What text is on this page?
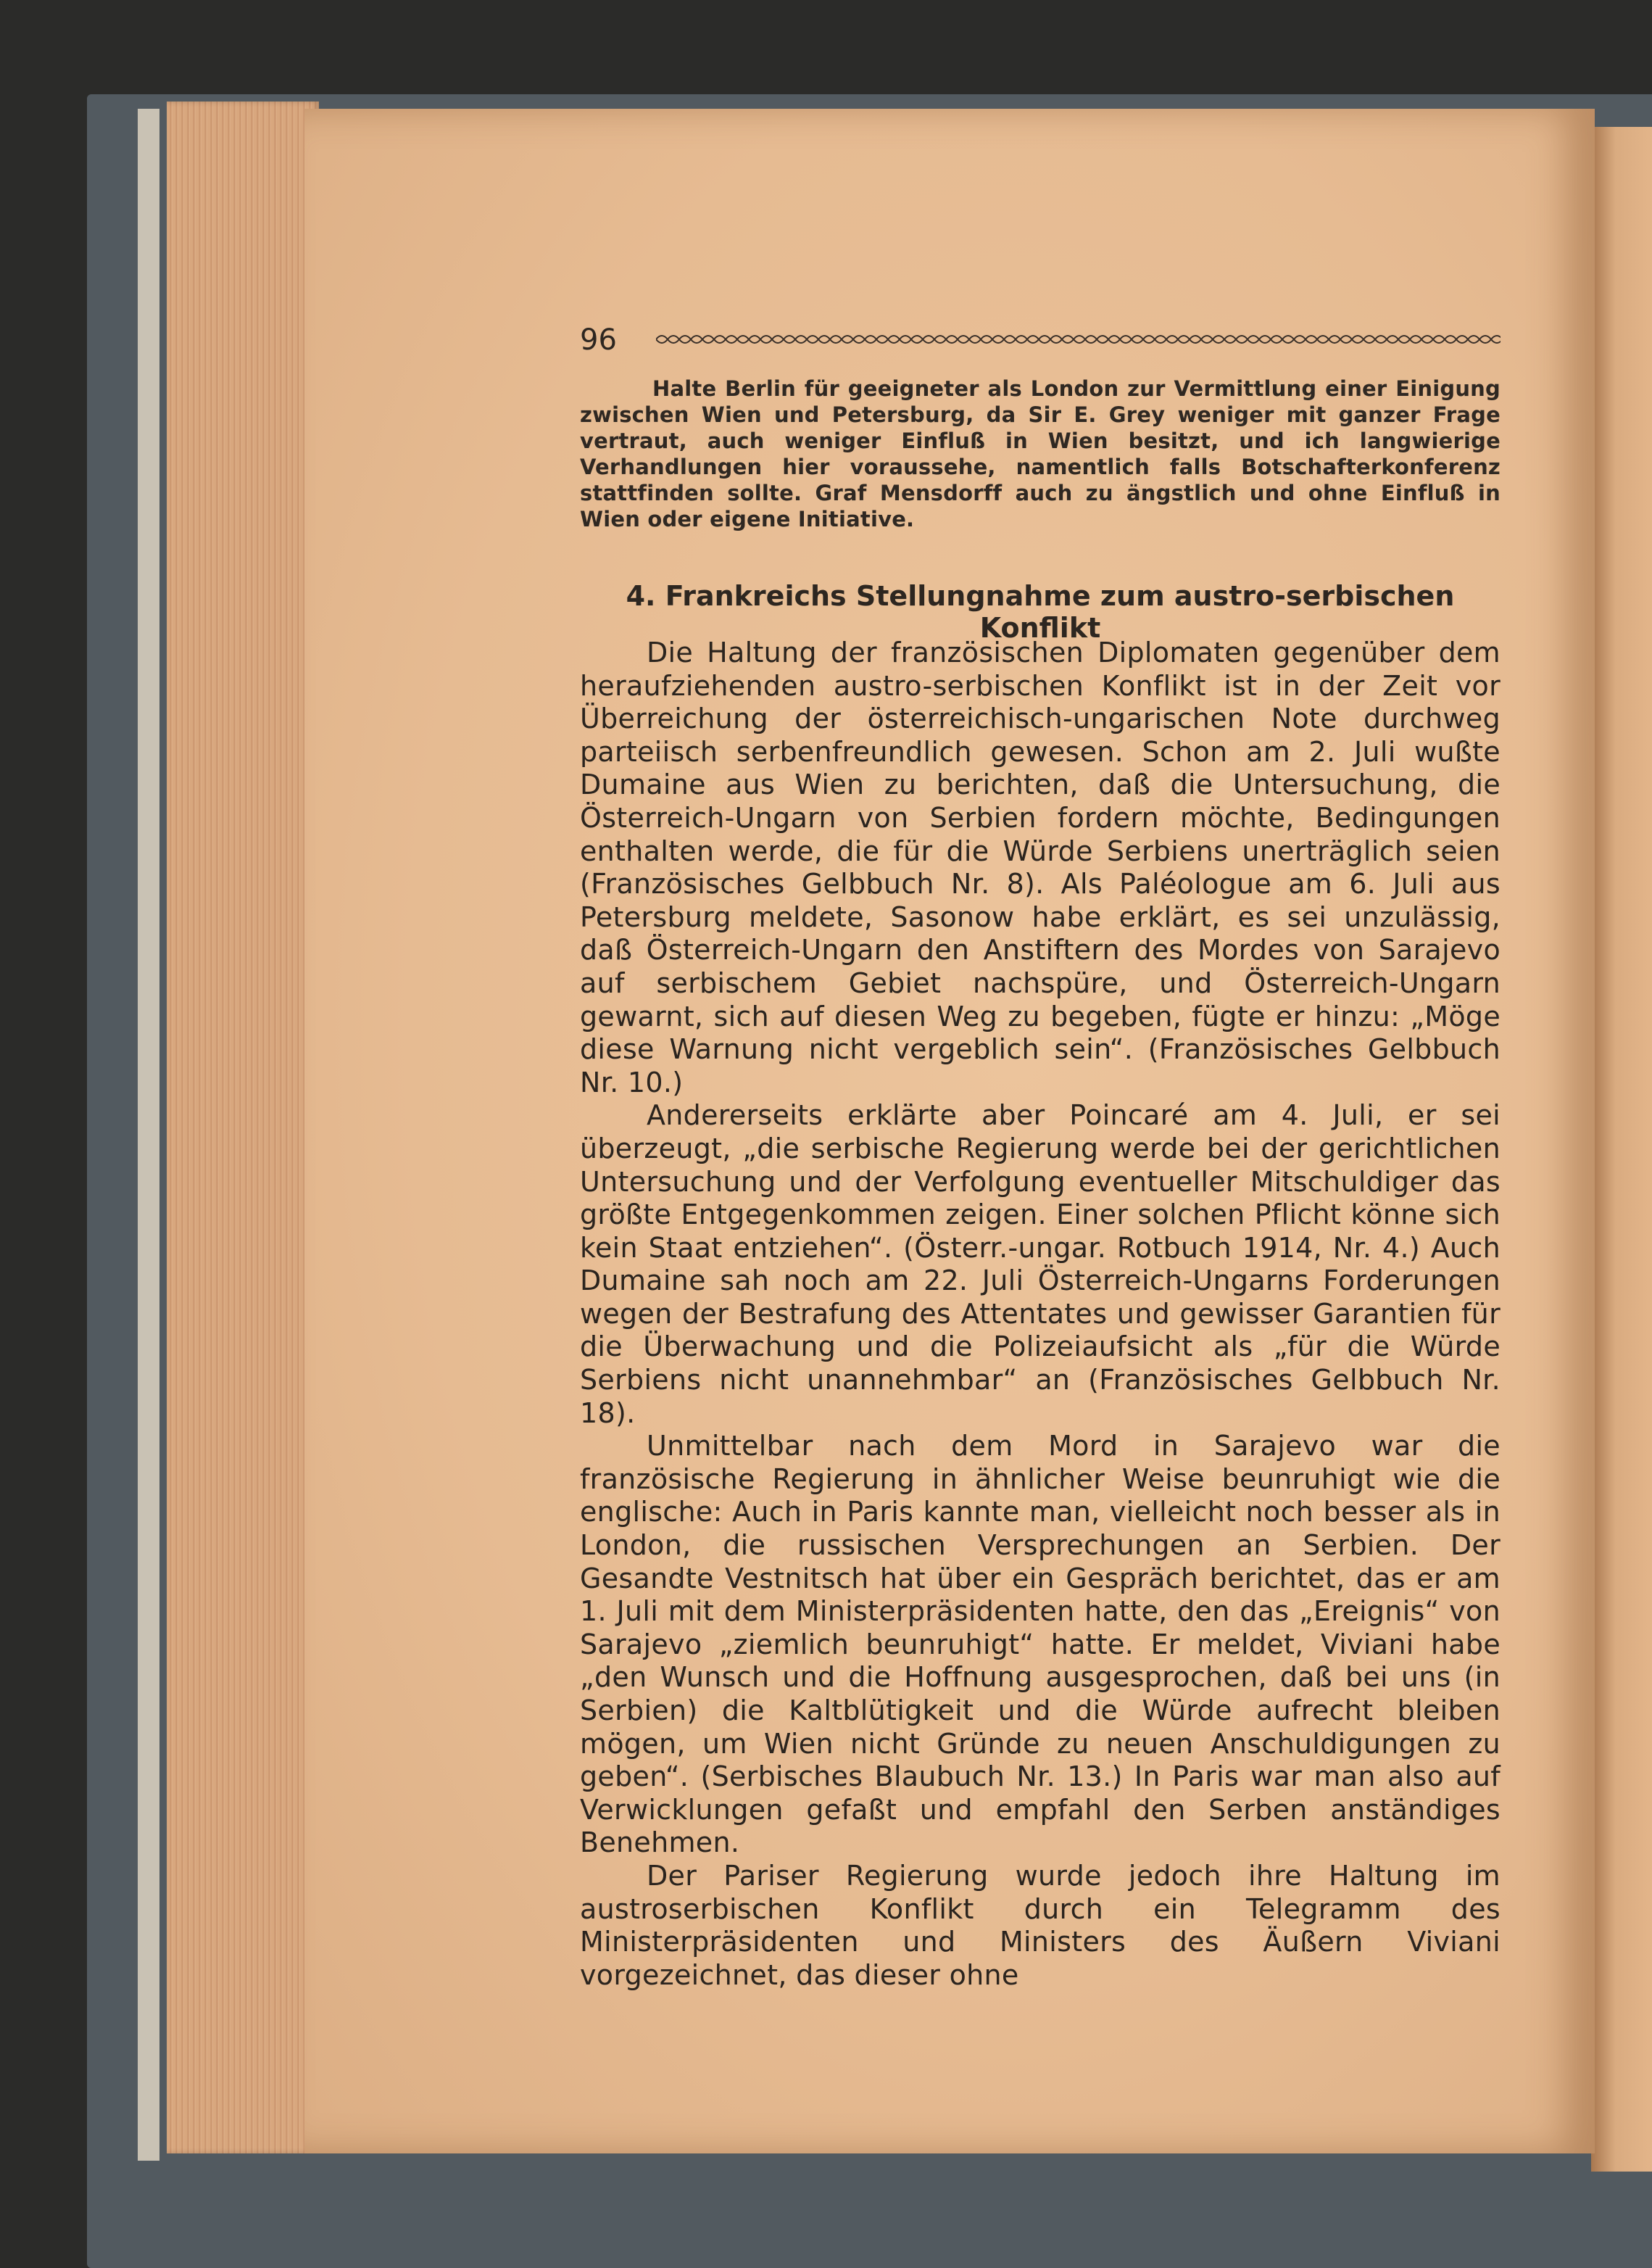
96

Halte Berlin für geeigneter als London zur Vermittlung einer Einigung zwischen Wien und Petersburg, da Sir E. Grey weniger mit ganzer Frage vertraut, auch weniger Einfluß in Wien besitzt, und ich langwierige Verhandlungen hier voraussehe, namentlich falls Botschafterkonferenz stattfinden sollte. Graf Mensdorff auch zu ängstlich und ohne Einfluß in Wien oder eigene Initiative.

4. Frankreichs Stellungnahme zum austro-serbischen Konflikt

Die Haltung der französischen Diplomaten gegenüber dem heraufziehenden austro-serbischen Konflikt ist in der Zeit vor Überreichung der österreichisch-ungarischen Note durchweg parteiisch serbenfreundlich gewesen. Schon am 2. Juli wußte Dumaine aus Wien zu berichten, daß die Untersuchung, die Österreich-Ungarn von Serbien fordern möchte, Bedingungen enthalten werde, die für die Würde Serbiens unerträglich seien (Französisches Gelbbuch Nr. 8). Als Paléologue am 6. Juli aus Petersburg meldete, Sasonow habe erklärt, es sei unzulässig, daß Österreich-Ungarn den Anstiftern des Mordes von Sarajevo auf serbischem Gebiet nachspüre, und Österreich-Ungarn gewarnt, sich auf diesen Weg zu begeben, fügte er hinzu: „Möge diese Warnung nicht vergeblich sein“. (Französisches Gelbbuch Nr. 10.)

Andererseits erklärte aber Poincaré am 4. Juli, er sei überzeugt, „die serbische Regierung werde bei der gerichtlichen Untersuchung und der Verfolgung eventueller Mitschuldiger das größte Entgegenkommen zeigen. Einer solchen Pflicht könne sich kein Staat entziehen“. (Österr.-ungar. Rotbuch 1914, Nr. 4.) Auch Dumaine sah noch am 22. Juli Österreich-Ungarns Forderungen wegen der Bestrafung des Attentates und gewisser Garantien für die Überwachung und die Polizeiaufsicht als „für die Würde Serbiens nicht unannehmbar“ an (Französisches Gelbbuch Nr. 18).

Unmittelbar nach dem Mord in Sarajevo war die französische Regierung in ähnlicher Weise beunruhigt wie die englische: Auch in Paris kannte man, vielleicht noch besser als in London, die russischen Versprechungen an Serbien. Der Gesandte Vestnitsch hat über ein Gespräch berichtet, das er am 1. Juli mit dem Ministerpräsidenten hatte, den das „Ereignis“ von Sarajevo „ziemlich beunruhigt“ hatte. Er meldet, Viviani habe „den Wunsch und die Hoffnung ausgesprochen, daß bei uns (in Serbien) die Kaltblütigkeit und die Würde aufrecht bleiben mögen, um Wien nicht Gründe zu neuen Anschuldigungen zu geben“. (Serbisches Blaubuch Nr. 13.) In Paris war man also auf Verwicklungen gefaßt und empfahl den Serben anständiges Benehmen.

Der Pariser Regierung wurde jedoch ihre Haltung im austroserbischen Konflikt durch ein Telegramm des Ministerpräsidenten und Ministers des Äußern Viviani vorgezeichnet, das dieser ohne
